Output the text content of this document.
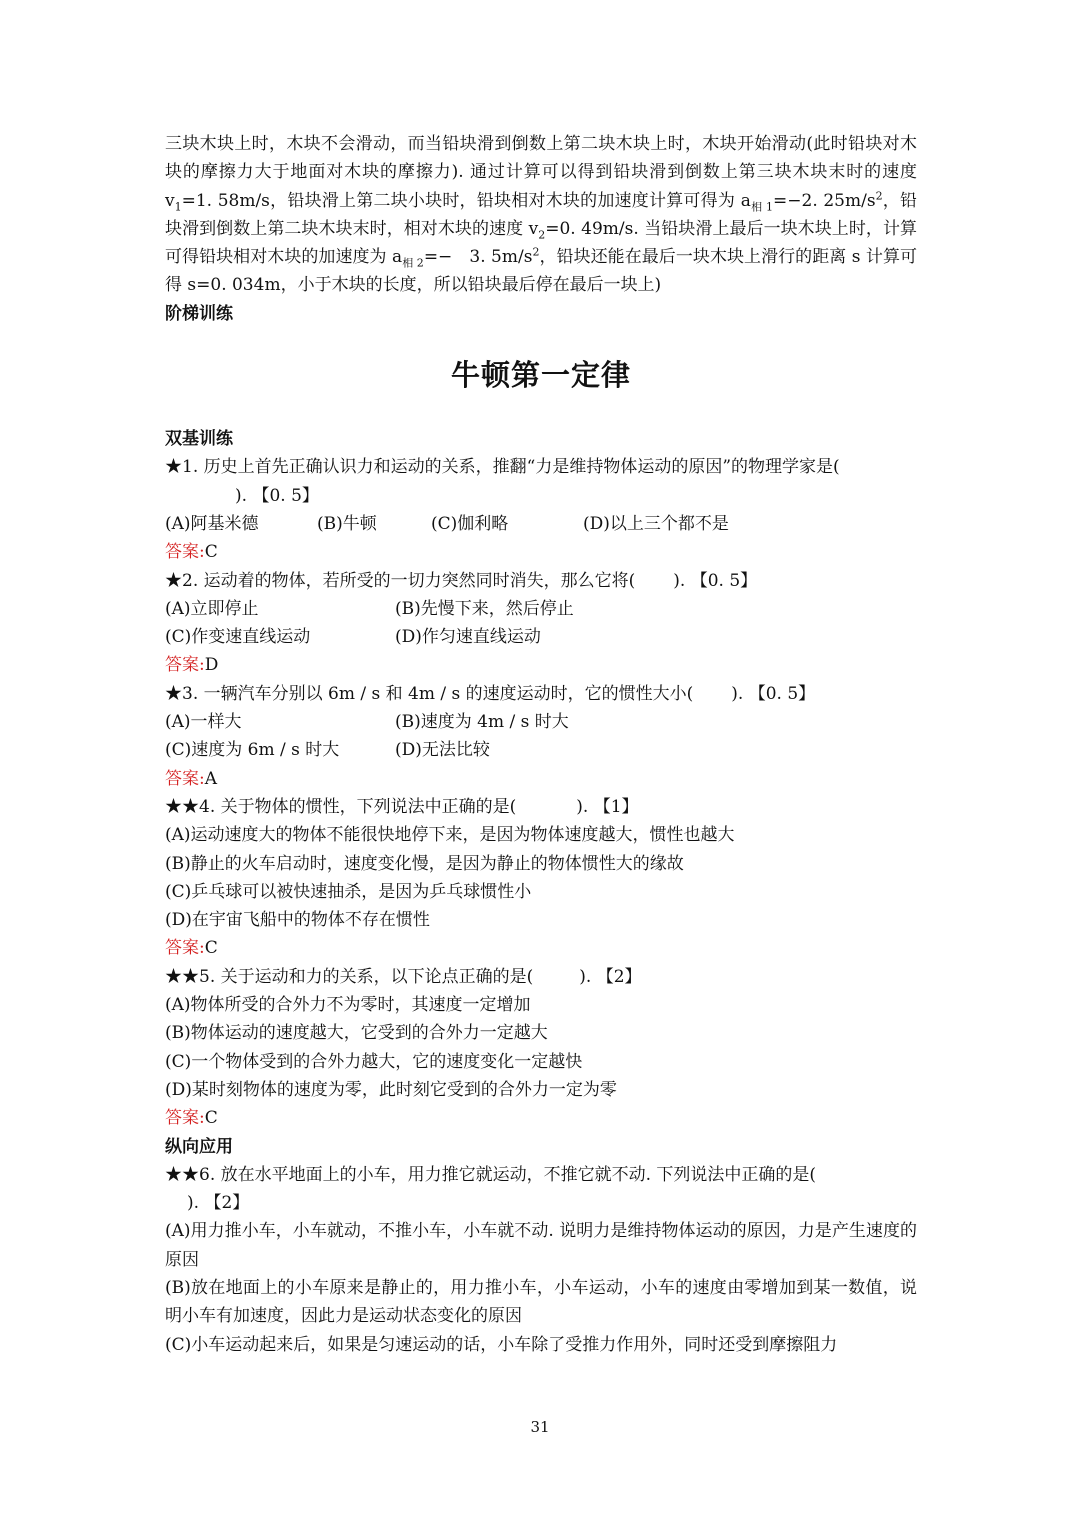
三块木块上时，木块不会滑动，而当铅块滑到倒数上第二块木块上时，木块开始滑动(此时铅块对木块的摩擦力大于地面对木块的摩擦力). 通过计算可以得到铅块滑到倒数上第三块木块末时的速度 $v_1=1$. 58m/s，铅块滑上第二块小块时，铅块相对木块的加速度计算可得为 $a_{相 1}=-2$. $25m/s^2$，铅块滑到倒数上第二块木块末时，相对木块的速度 $v_2=0$. 49m/s. 当铅块滑上最后一块木块上时，计算可得铅块相对木块的加速度为 $a_{相 2}=-$　3. $5m/s^2$，铅块还能在最后一块木块上滑行的距离 s 计算可得 s=0. 034m，小于木块的长度，所以铅块最后停在最后一块上)

阶梯训练

牛顿第一定律

双基训练

★1. 历史上首先正确认识力和运动的关系，推翻“力是维持物体运动的原因”的物理学家是(

). 【0. 5】

(A)阿基米德	(B)牛顿	(C)伽利略	(D)以上三个都不是

答案:C

★2. 运动着的物体，若所受的一切力突然同时消失，那么它将( ). 【0. 5】

(A)立即停止	(B)先慢下来，然后停止
(C)作变速直线运动	(D)作匀速直线运动

答案:D

★3. 一辆汽车分别以 6m / s 和 4m / s 的速度运动时，它的惯性大小( ). 【0. 5】

(A)一样大	(B)速度为 4m / s 时大
(C)速度为 6m / s 时大	(D)无法比较

答案:A

★★4. 关于物体的惯性，下列说法中正确的是(	). 【1】

(A)运动速度大的物体不能很快地停下来，是因为物体速度越大，惯性也越大

(B)静止的火车启动时，速度变化慢，是因为静止的物体惯性大的缘故

(C)乒乓球可以被快速抽杀，是因为乒乓球惯性小

(D)在宇宙飞船中的物体不存在惯性

答案:C

★★5. 关于运动和力的关系，以下论点正确的是(	). 【2】

(A)物体所受的合外力不为零时，其速度一定增加

(B)物体运动的速度越大，它受到的合外力一定越大

(C)一个物体受到的合外力越大，它的速度变化一定越快

(D)某时刻物体的速度为零，此时刻它受到的合外力一定为零

答案:C

纵向应用

★★6. 放在水平地面上的小车，用力推它就运动，不推它就不动. 下列说法中正确的是(

). 【2】

(A)用力推小车，小车就动，不推小车，小车就不动. 说明力是维持物体运动的原因，力是产生速度的原因

(B)放在地面上的小车原来是静止的，用力推小车，小车运动，小车的速度由零增加到某一数值，说明小车有加速度，因此力是运动状态变化的原因

(C)小车运动起来后，如果是匀速运动的话，小车除了受推力作用外，同时还受到摩擦阻力

31
